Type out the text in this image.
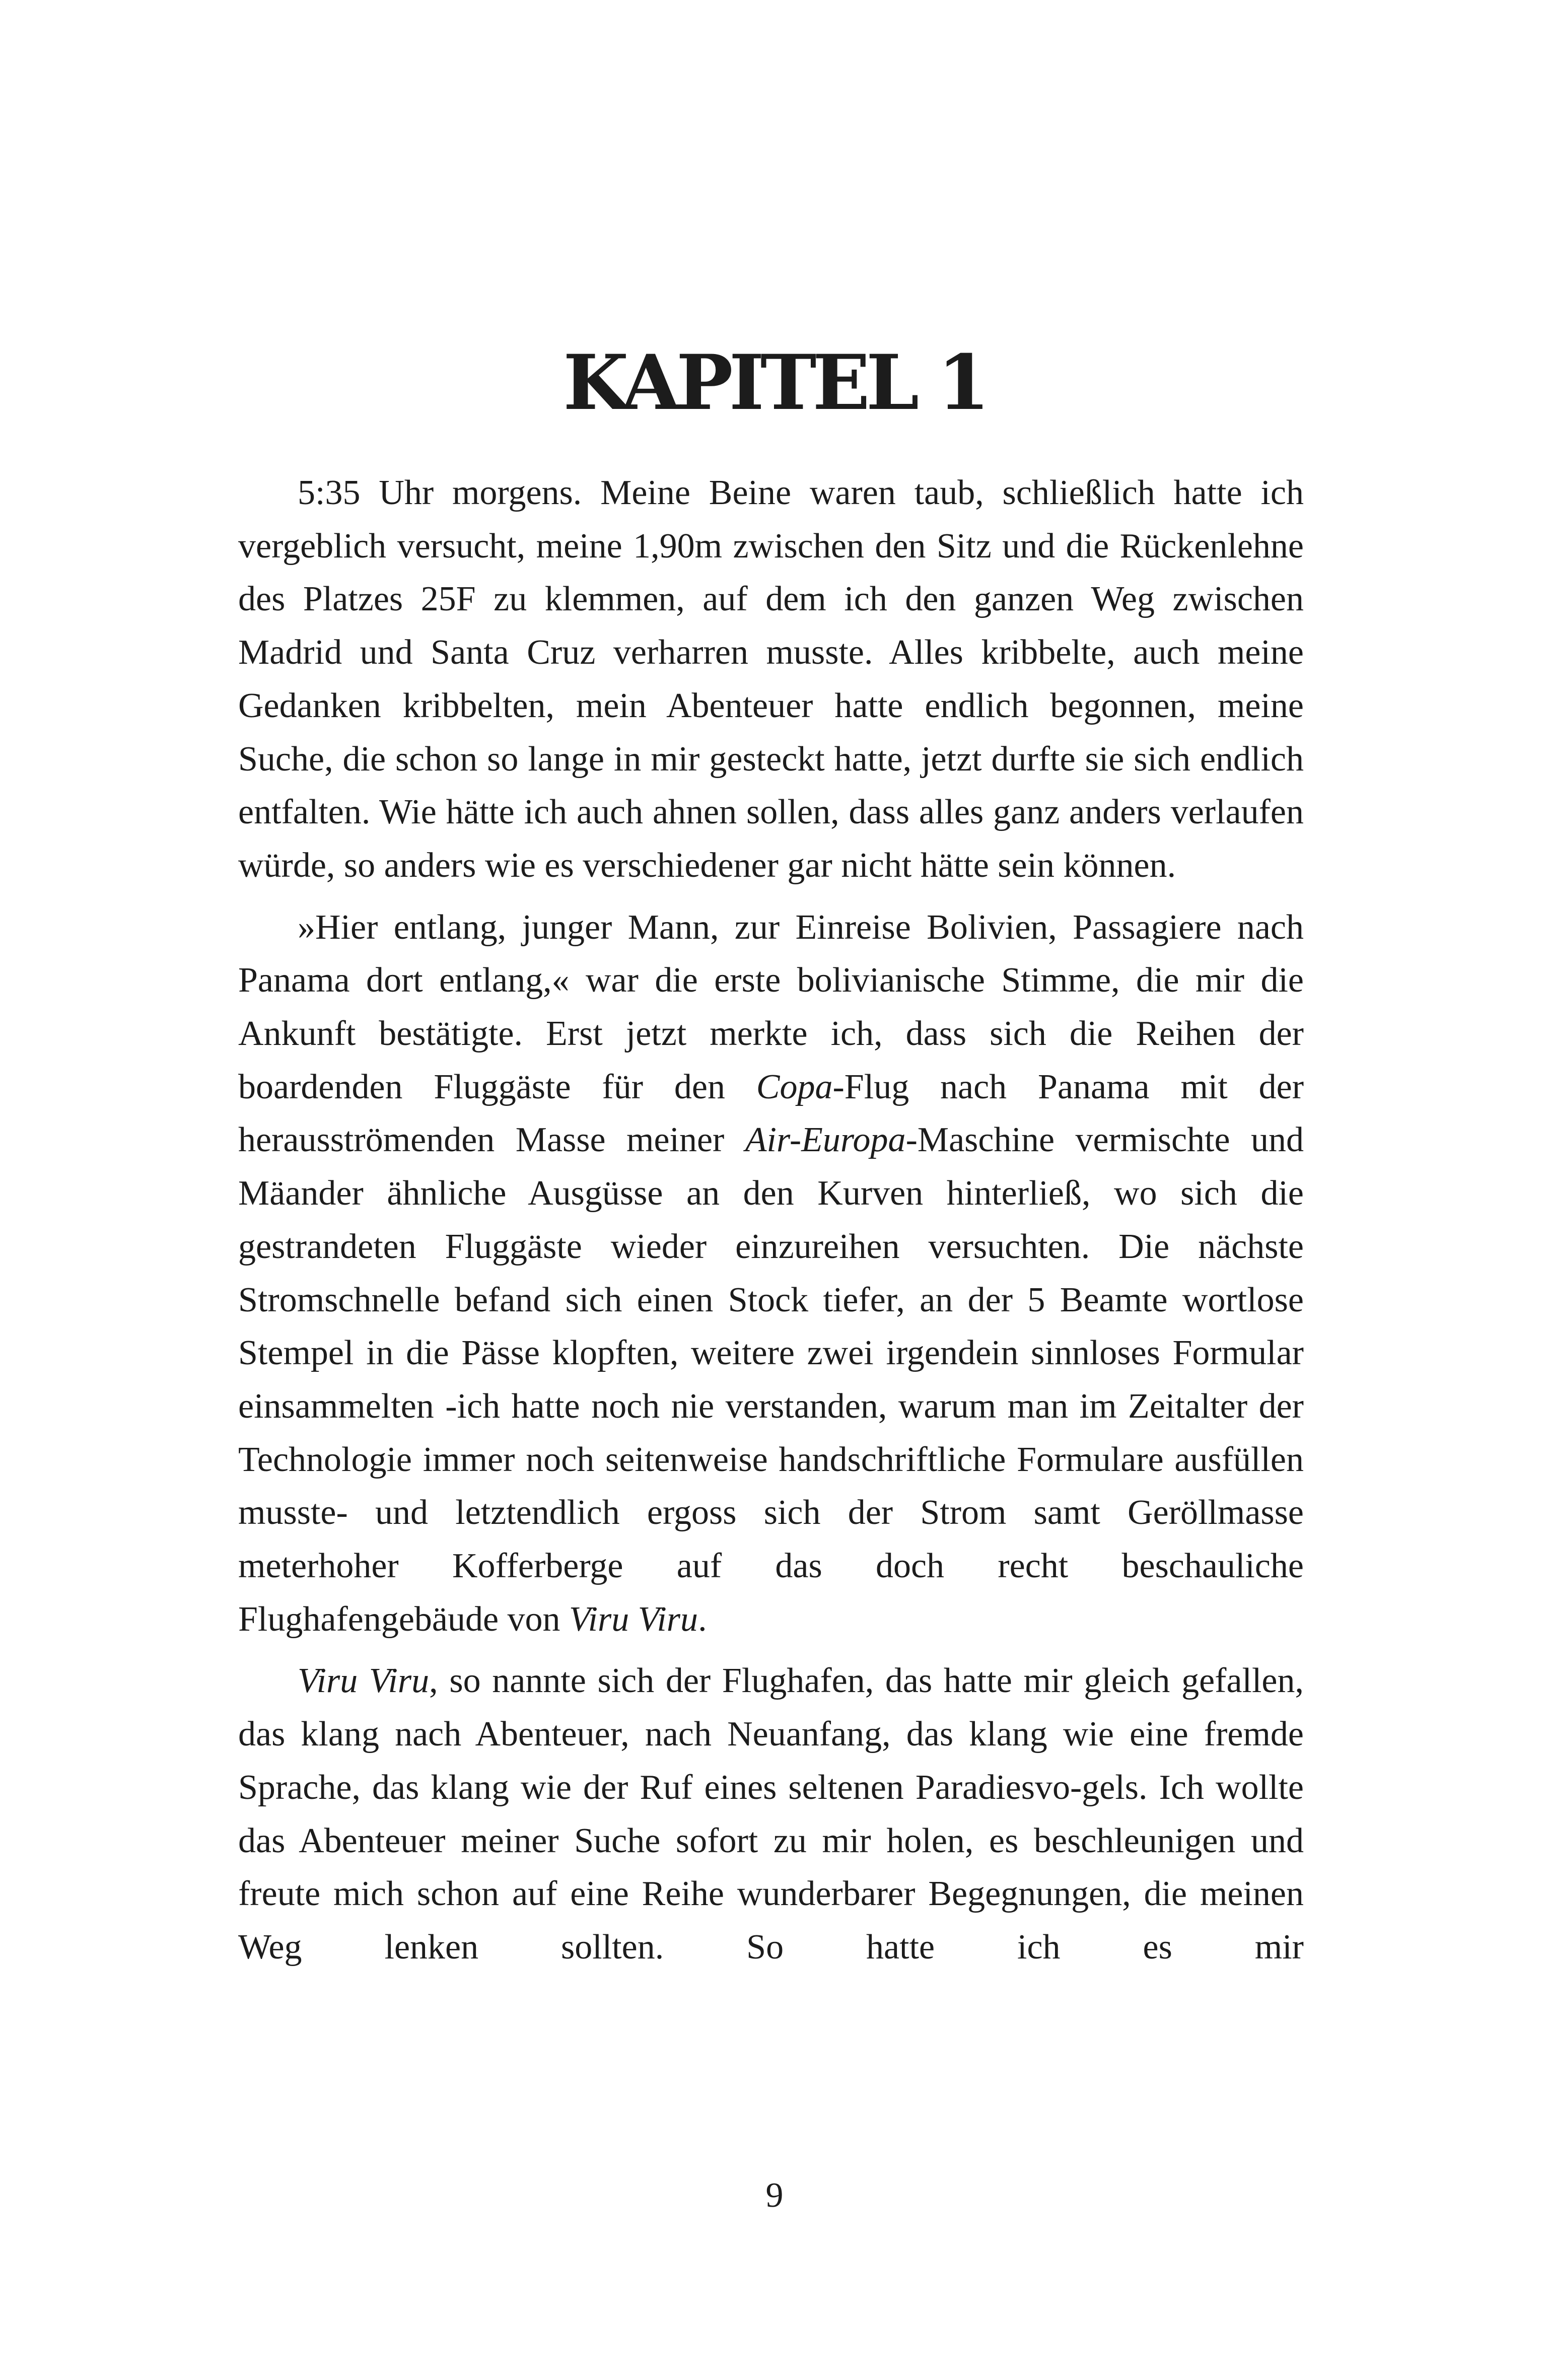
KAPITEL 1

5:35 Uhr morgens. Meine Beine waren taub, schließlich hatte ich vergeblich versucht, meine 1,90m zwischen den Sitz und die Rückenlehne des Platzes 25F zu klemmen, auf dem ich den ganzen Weg zwischen Madrid und Santa Cruz verharren musste. Alles kribbelte, auch meine Gedanken kribbelten, mein Abenteuer hatte endlich begonnen, meine Suche, die schon so lange in mir gesteckt hatte, jetzt durfte sie sich endlich entfalten. Wie hätte ich auch ahnen sollen, dass alles ganz anders verlaufen würde, so anders wie es verschiedener gar nicht hätte sein können.

»Hier entlang, junger Mann, zur Einreise Bolivien, Passagiere nach Panama dort entlang,« war die erste bolivianische Stimme, die mir die Ankunft bestätigte. Erst jetzt merkte ich, dass sich die Reihen der boardenden Fluggäste für den Copa-Flug nach Panama mit der herausströmenden Masse meiner Air-Europa-Maschine vermischte und Mäander ähnliche Ausgüsse an den Kurven hinterließ, wo sich die gestrandeten Fluggäste wieder einzureihen versuchten. Die nächste Stromschnelle befand sich einen Stock tiefer, an der 5 Beamte wortlose Stempel in die Pässe klopften, weitere zwei irgendein sinnloses Formular einsammelten -ich hatte noch nie verstanden, warum man im Zeitalter der Technologie immer noch seitenweise handschriftliche Formulare ausfüllen musste- und letztendlich ergoss sich der Strom samt Geröllmasse meterhoher Kofferberge auf das doch recht beschauliche Flughafengebäude von Viru Viru.

Viru Viru, so nannte sich der Flughafen, das hatte mir gleich gefallen, das klang nach Abenteuer, nach Neuanfang, das klang wie eine fremde Sprache, das klang wie der Ruf eines seltenen Paradiesvo-gels. Ich wollte das Abenteuer meiner Suche sofort zu mir holen, es beschleunigen und freute mich schon auf eine Reihe wunderbarer Begegnungen, die meinen Weg lenken sollten. So hatte ich es mir

9
